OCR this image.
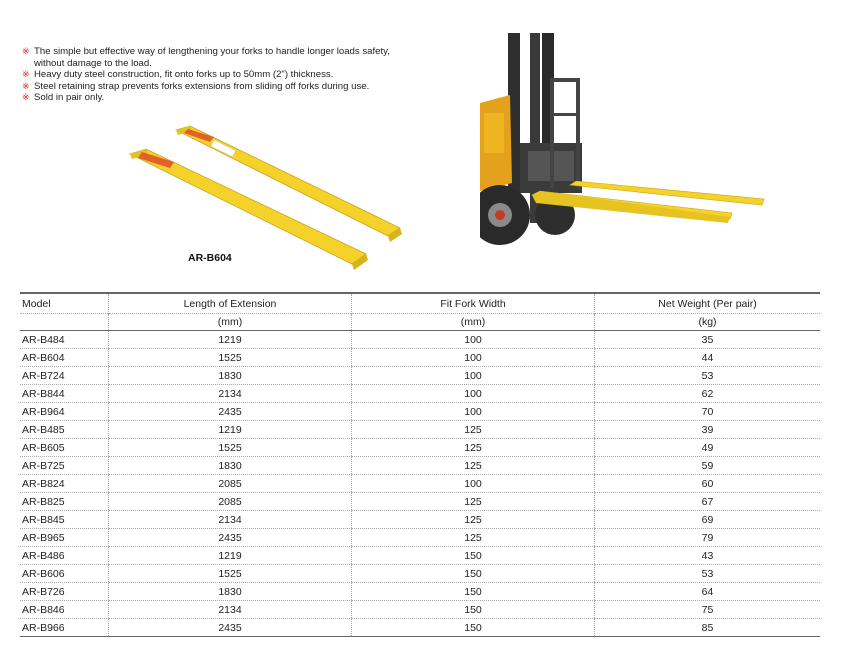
※ The simple but effective way of lengthening your forks to handle longer loads safety, without damage to the load.
※ Heavy duty steel construction, fit onto forks up to 50mm (2") thickness.
※ Steel retaining strap prevents forks extensions from sliding off forks during use.
※ Sold in pair only.
AR-B604
Model	Length of Extension	Fit Fork Width	Net Weight (Per pair)
	(mm)	(mm)	(kg)
AR-B484	1219	100	35
AR-B604	1525	100	44
AR-B724	1830	100	53
AR-B844	2134	100	62
AR-B964	2435	100	70
AR-B485	1219	125	39
AR-B605	1525	125	49
AR-B725	1830	125	59
AR-B824	2085	100	60
AR-B825	2085	125	67
AR-B845	2134	125	69
AR-B965	2435	125	79
AR-B486	1219	150	43
AR-B606	1525	150	53
AR-B726	1830	150	64
AR-B846	2134	150	75
AR-B966	2435	150	85
